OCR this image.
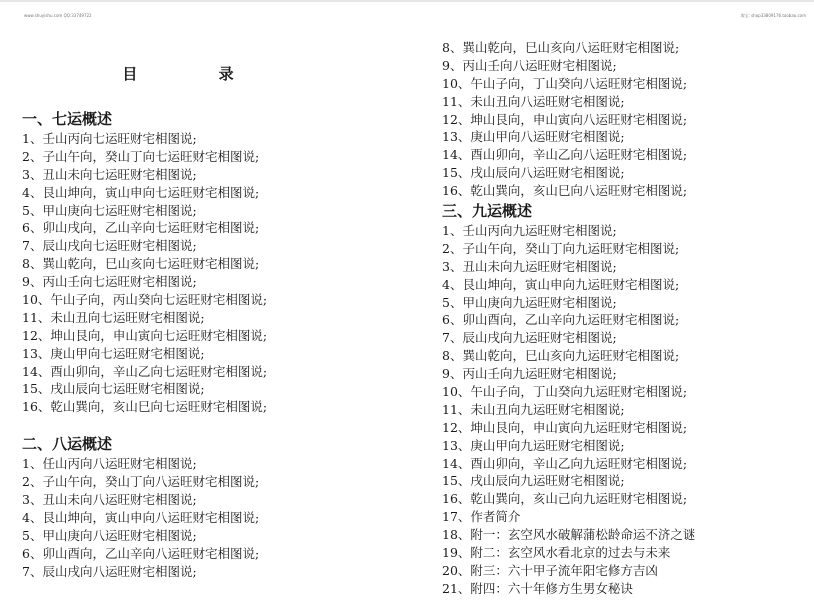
www.shuyishu.com QQ:33749722	淘宝: shop33809176.taobao.com
目 录
一、七运概述
1、壬山丙向七运旺财宅相图说;
2、子山午向，癸山丁向七运旺财宅相图说;
3、丑山未向七运旺财宅相图说;
4、艮山坤向，寅山申向七运旺财宅相图说;
5、甲山庚向七运旺财宅相图说;
6、卯山戌向，乙山辛向七运旺财宅相图说;
7、辰山戌向七运旺财宅相图说;
8、巽山乾向，巳山亥向七运旺财宅相图说;
9、丙山壬向七运旺财宅相图说;
10、午山子向，丙山癸向七运旺财宅相图说;
11、未山丑向七运旺财宅相图说;
12、坤山艮向，申山寅向七运旺财宅相图说;
13、庚山甲向七运旺财宅相图说;
14、酉山卯向，辛山乙向七运旺财宅相图说;
15、戌山辰向七运旺财宅相图说;
16、乾山巽向，亥山巳向七运旺财宅相图说;
二、八运概述
1、任山丙向八运旺财宅相图说;
2、子山午向，癸山丁向八运旺财宅相图说;
3、丑山未向八运旺财宅相图说;
4、艮山坤向，寅山申向八运旺财宅相图说;
5、甲山庚向八运旺财宅相图说;
6、卯山酉向，乙山辛向八运旺财宅相图说;
7、辰山戌向八运旺财宅相图说;
8、巽山乾向，巳山亥向八运旺财宅相图说;
9、丙山壬向八运旺财宅相图说;
10、午山子向，丁山癸向八运旺财宅相图说;
11、未山丑向八运旺财宅相图说;
12、坤山艮向，申山寅向八运旺财宅相图说;
13、庚山甲向八运旺财宅相图说;
14、酉山卯向，辛山乙向八运旺财宅相图说;
15、戌山辰向八运旺财宅相图说;
16、乾山巽向，亥山巳向八运旺财宅相图说;
三、九运概述
1、壬山丙向九运旺财宅相图说;
2、子山午向，癸山丁向九运旺财宅相图说;
3、丑山未向九运旺财宅相图说;
4、艮山坤向，寅山申向九运旺财宅相图说;
5、甲山庚向九运旺财宅相图说;
6、卯山酉向，乙山辛向九运旺财宅相图说;
7、辰山戌向九运旺财宅相图说;
8、巽山乾向，巳山亥向九运旺财宅相图说;
9、丙山壬向九运旺财宅相图说;
10、午山子向，丁山癸向九运旺财宅相图说;
11、未山丑向九运旺财宅相图说;
12、坤山艮向，申山寅向九运旺财宅相图说;
13、庚山甲向九运旺财宅相图说;
14、酉山卯向，辛山乙向九运旺财宅相图说;
15、戌山辰向九运旺财宅相图说;
16、乾山巽向，亥山己向九运旺财宅相图说;
17、作者简介
18、附一：玄空风水破解蒲松龄命运不济之谜
19、附二：玄空风水看北京的过去与未来
20、附三：六十甲子流年阳宅修方吉凶
21、附四：六十年修方生男女秘诀
